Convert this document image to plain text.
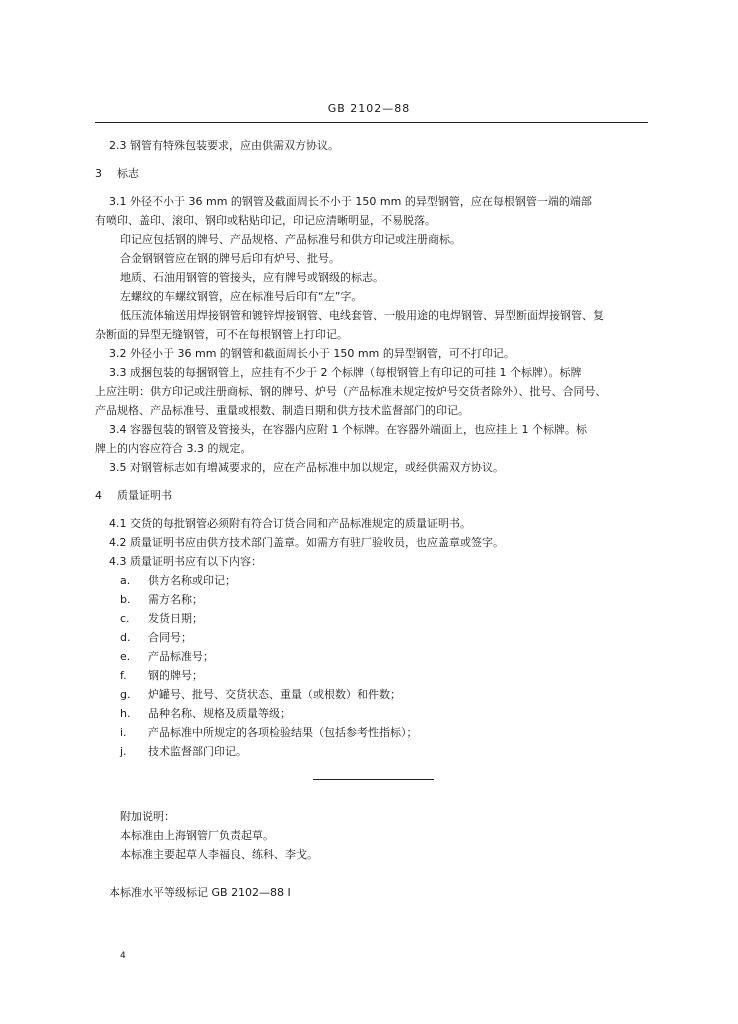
GB 2102—88
2.3 钢管有特殊包装要求，应由供需双方协议。
3 标志
3.1 外径不小于 36 mm 的钢管及截面周长不小于 150 mm 的异型钢管，应在每根钢管一端的端部
有喷印、盖印、滚印、钢印或粘贴印记，印记应清晰明显，不易脱落。
印记应包括钢的牌号、产品规格、产品标准号和供方印记或注册商标。
合金钢钢管应在钢的牌号后印有炉号、批号。
地质、石油用钢管的管接头，应有牌号或钢级的标志。
左螺纹的车螺纹钢管，应在标准号后印有“左”字。
低压流体输送用焊接钢管和镀锌焊接钢管、电线套管、一般用途的电焊钢管、异型断面焊接钢管、复
杂断面的异型无缝钢管，可不在每根钢管上打印记。
3.2 外径小于 36 mm 的钢管和截面周长小于 150 mm 的异型钢管，可不打印记。
3.3 成捆包装的每捆钢管上，应挂有不少于 2 个标牌（每根钢管上有印记的可挂 1 个标牌）。标牌
上应注明：供方印记或注册商标、钢的牌号、炉号（产品标准未规定按炉号交货者除外）、批号、合同号、
产品规格、产品标准号、重量或根数、制造日期和供方技术监督部门的印记。
3.4 容器包装的钢管及管接头，在容器内应附 1 个标牌。在容器外端面上，也应挂上 1 个标牌。标
牌上的内容应符合 3.3 的规定。
3.5 对钢管标志如有增减要求的，应在产品标准中加以规定，或经供需双方协议。
4 质量证明书
4.1 交货的每批钢管必须附有符合订货合同和产品标准规定的质量证明书。
4.2 质量证明书应由供方技术部门盖章。如需方有驻厂验收员，也应盖章或签字。
4.3 质量证明书应有以下内容：
a. 供方名称或印记；
b. 需方名称；
c. 发货日期；
d. 合同号；
e. 产品标准号；
f. 钢的牌号；
g. 炉罐号、批号、交货状态、重量（或根数）和件数；
h. 品种名称、规格及质量等级；
i. 产品标准中所规定的各项检验结果（包括参考性指标）；
j. 技术监督部门印记。
附加说明：
本标准由上海钢管厂负责起草。
本标准主要起草人李福良、练科、李戈。
本标准水平等级标记 GB 2102—88 I
4
